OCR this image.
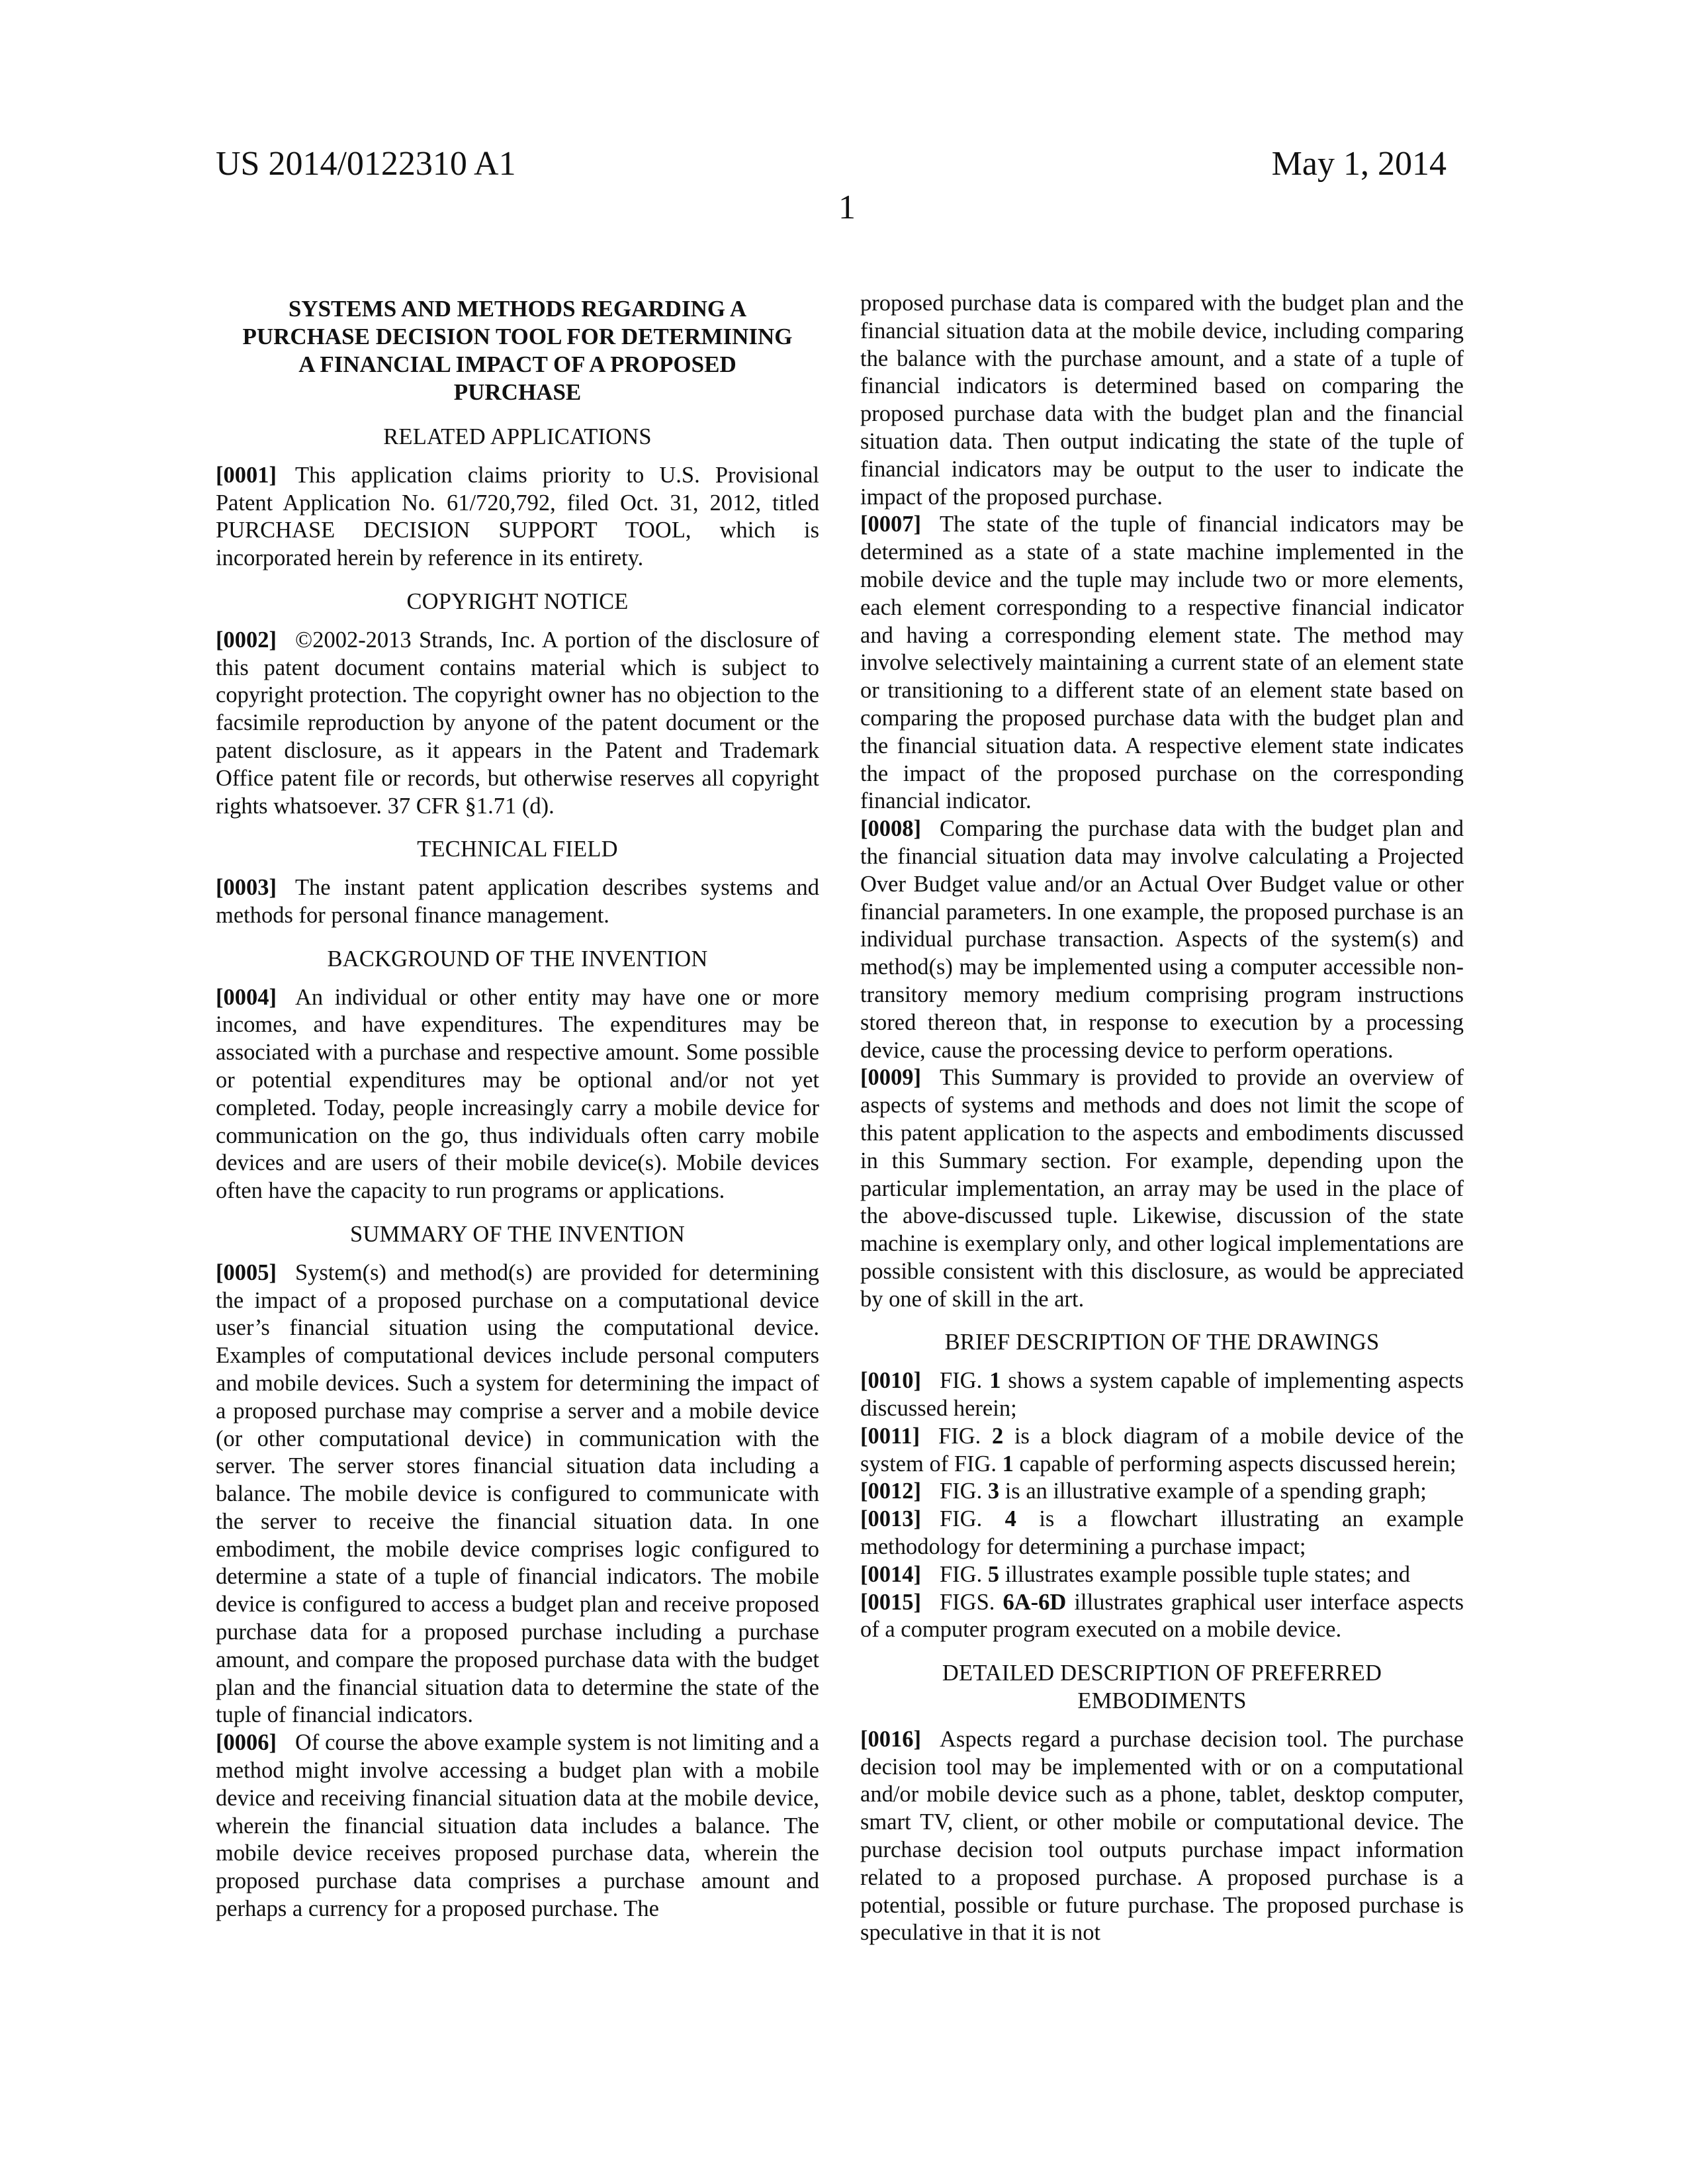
US 2014/0122310 A1	May 1, 2014
1
SYSTEMS AND METHODS REGARDING A PURCHASE DECISION TOOL FOR DETERMINING A FINANCIAL IMPACT OF A PROPOSED PURCHASE
RELATED APPLICATIONS

[0001] This application claims priority to U.S. Provisional Patent Application No. 61/720,792, filed Oct. 31, 2012, titled PURCHASE DECISION SUPPORT TOOL, which is incorporated herein by reference in its entirety.

COPYRIGHT NOTICE

[0002] ©2002-2013 Strands, Inc. A portion of the disclosure of this patent document contains material which is subject to copyright protection. The copyright owner has no objection to the facsimile reproduction by anyone of the patent document or the patent disclosure, as it appears in the Patent and Trademark Office patent file or records, but otherwise reserves all copyright rights whatsoever. 37 CFR §1.71 (d).

TECHNICAL FIELD

[0003] The instant patent application describes systems and methods for personal finance management.

BACKGROUND OF THE INVENTION

[0004] An individual or other entity may have one or more incomes, and have expenditures. The expenditures may be associated with a purchase and respective amount. Some possible or potential expenditures may be optional and/or not yet completed. Today, people increasingly carry a mobile device for communication on the go, thus individuals often carry mobile devices and are users of their mobile device(s). Mobile devices often have the capacity to run programs or applications.

SUMMARY OF THE INVENTION

[0005] System(s) and method(s) are provided for determining the impact of a proposed purchase on a computational device user’s financial situation using the computational device. Examples of computational devices include personal computers and mobile devices. Such a system for determining the impact of a proposed purchase may comprise a server and a mobile device (or other computational device) in communication with the server. The server stores financial situation data including a balance. The mobile device is configured to communicate with the server to receive the financial situation data. In one embodiment, the mobile device comprises logic configured to determine a state of a tuple of financial indicators. The mobile device is configured to access a budget plan and receive proposed purchase data for a proposed purchase including a purchase amount, and compare the proposed purchase data with the budget plan and the financial situation data to determine the state of the tuple of financial indicators.

[0006] Of course the above example system is not limiting and a method might involve accessing a budget plan with a mobile device and receiving financial situation data at the mobile device, wherein the financial situation data includes a balance. The mobile device receives proposed purchase data, wherein the proposed purchase data comprises a purchase amount and perhaps a currency for a proposed purchase. The

proposed purchase data is compared with the budget plan and the financial situation data at the mobile device, including comparing the balance with the purchase amount, and a state of a tuple of financial indicators is determined based on comparing the proposed purchase data with the budget plan and the financial situation data. Then output indicating the state of the tuple of financial indicators may be output to the user to indicate the impact of the proposed purchase.

[0007] The state of the tuple of financial indicators may be determined as a state of a state machine implemented in the mobile device and the tuple may include two or more elements, each element corresponding to a respective financial indicator and having a corresponding element state. The method may involve selectively maintaining a current state of an element state or transitioning to a different state of an element state based on comparing the proposed purchase data with the budget plan and the financial situation data. A respective element state indicates the impact of the proposed purchase on the corresponding financial indicator.

[0008] Comparing the purchase data with the budget plan and the financial situation data may involve calculating a Projected Over Budget value and/or an Actual Over Budget value or other financial parameters. In one example, the proposed purchase is an individual purchase transaction. Aspects of the system(s) and method(s) may be implemented using a computer accessible non-transitory memory medium comprising program instructions stored thereon that, in response to execution by a processing device, cause the processing device to perform operations.

[0009] This Summary is provided to provide an overview of aspects of systems and methods and does not limit the scope of this patent application to the aspects and embodiments discussed in this Summary section. For example, depending upon the particular implementation, an array may be used in the place of the above-discussed tuple. Likewise, discussion of the state machine is exemplary only, and other logical implementations are possible consistent with this disclosure, as would be appreciated by one of skill in the art.

BRIEF DESCRIPTION OF THE DRAWINGS

[0010] FIG. 1 shows a system capable of implementing aspects discussed herein;

[0011] FIG. 2 is a block diagram of a mobile device of the system of FIG. 1 capable of performing aspects discussed herein;

[0012] FIG. 3 is an illustrative example of a spending graph;

[0013] FIG. 4 is a flowchart illustrating an example methodology for determining a purchase impact;

[0014] FIG. 5 illustrates example possible tuple states; and

[0015] FIGS. 6A-6D illustrates graphical user interface aspects of a computer program executed on a mobile device.

DETAILED DESCRIPTION OF PREFERRED EMBODIMENTS

[0016] Aspects regard a purchase decision tool. The purchase decision tool may be implemented with or on a computational and/or mobile device such as a phone, tablet, desktop computer, smart TV, client, or other mobile or computational device. The purchase decision tool outputs purchase impact information related to a proposed purchase. A proposed purchase is a potential, possible or future purchase. The proposed purchase is speculative in that it is not
